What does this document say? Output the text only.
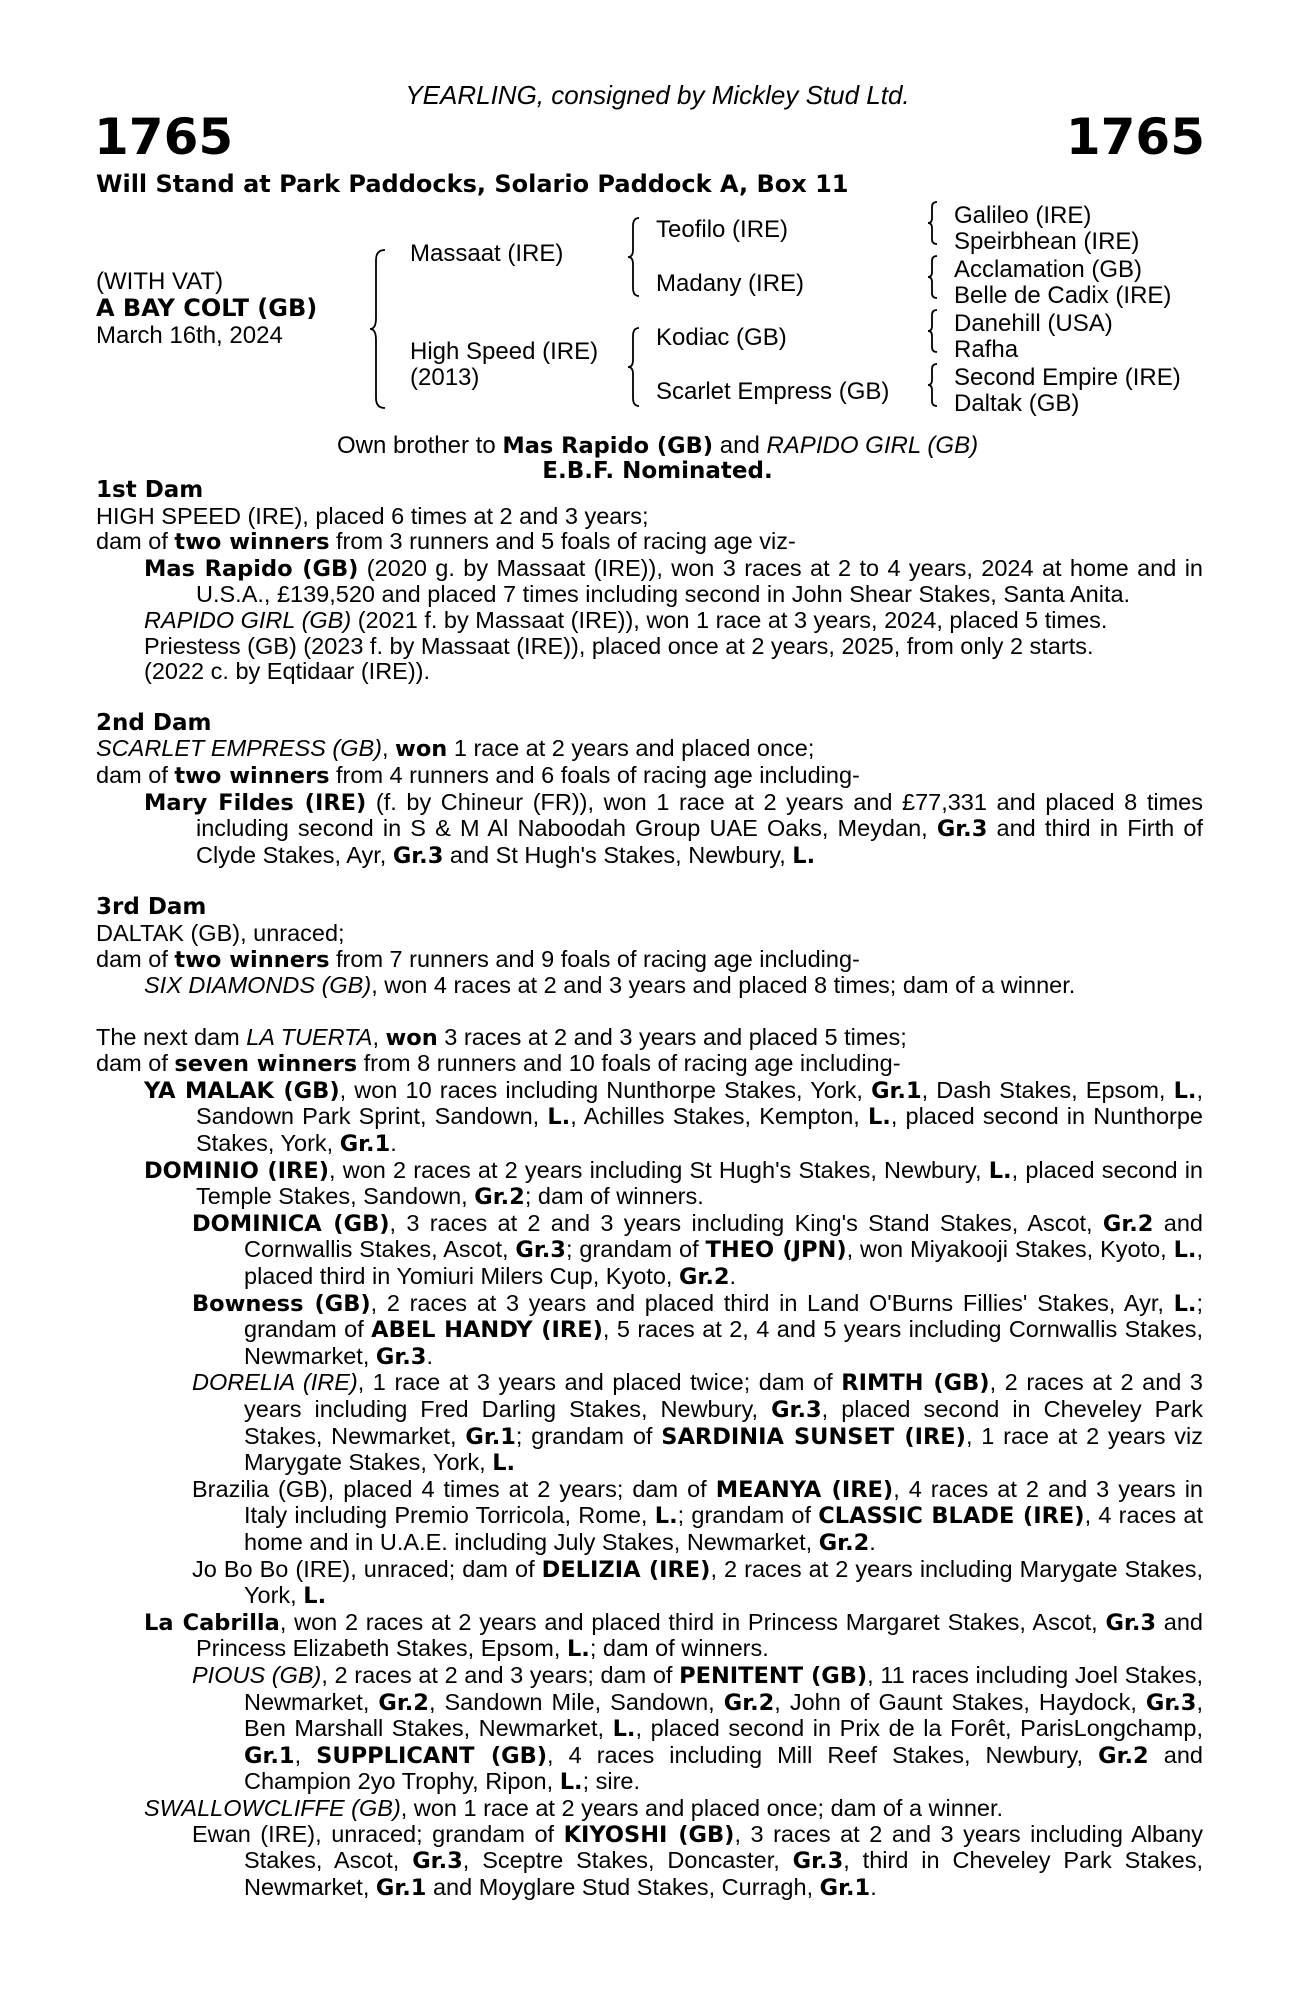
YEARLING, consigned by Mickley Stud Ltd.
1765	1765
Will Stand at Park Paddocks, Solario Paddock A, Box 11
(WITH VAT)
A BAY COLT (GB)
March 16th, 2024
Massaat (IRE)
High Speed (IRE)
(2013)
Teofilo (IRE)
Madany (IRE)
Kodiac (GB)
Scarlet Empress (GB)
Galileo (IRE)
Speirbhean (IRE)
Acclamation (GB)
Belle de Cadix (IRE)
Danehill (USA)
Rafha
Second Empire (IRE)
Daltak (GB)
Own brother to Mas Rapido (GB) and RAPIDO GIRL (GB)
E.B.F. Nominated.

1st Dam

HIGH SPEED (IRE), placed 6 times at 2 and 3 years;

dam of two winners from 3 runners and 5 foals of racing age viz-

Mas Rapido (GB) (2020 g. by Massaat (IRE)), won 3 races at 2 to 4 years, 2024 at home and in U.S.A., £139,520 and placed 7 times including second in John Shear Stakes, Santa Anita.

RAPIDO GIRL (GB) (2021 f. by Massaat (IRE)), won 1 race at 3 years, 2024, placed 5 times.

Priestess (GB) (2023 f. by Massaat (IRE)), placed once at 2 years, 2025, from only 2 starts.

(2022 c. by Eqtidaar (IRE)).

2nd Dam

SCARLET EMPRESS (GB), won 1 race at 2 years and placed once;

dam of two winners from 4 runners and 6 foals of racing age including-

Mary Fildes (IRE) (f. by Chineur (FR)), won 1 race at 2 years and £77,331 and placed 8 times including second in S & M Al Naboodah Group UAE Oaks, Meydan, Gr.3 and third in Firth of Clyde Stakes, Ayr, Gr.3 and St Hugh's Stakes, Newbury, L.

3rd Dam

DALTAK (GB), unraced;

dam of two winners from 7 runners and 9 foals of racing age including-

SIX DIAMONDS (GB), won 4 races at 2 and 3 years and placed 8 times; dam of a winner.

The next dam LA TUERTA, won 3 races at 2 and 3 years and placed 5 times;

dam of seven winners from 8 runners and 10 foals of racing age including-

YA MALAK (GB), won 10 races including Nunthorpe Stakes, York, Gr.1, Dash Stakes, Epsom, L., Sandown Park Sprint, Sandown, L., Achilles Stakes, Kempton, L., placed second in Nunthorpe Stakes, York, Gr.1.

DOMINIO (IRE), won 2 races at 2 years including St Hugh's Stakes, Newbury, L., placed second in Temple Stakes, Sandown, Gr.2; dam of winners.

DOMINICA (GB), 3 races at 2 and 3 years including King's Stand Stakes, Ascot, Gr.2 and Cornwallis Stakes, Ascot, Gr.3; grandam of THEO (JPN), won Miyakooji Stakes, Kyoto, L., placed third in Yomiuri Milers Cup, Kyoto, Gr.2.

Bowness (GB), 2 races at 3 years and placed third in Land O'Burns Fillies' Stakes, Ayr, L.; grandam of ABEL HANDY (IRE), 5 races at 2, 4 and 5 years including Cornwallis Stakes, Newmarket, Gr.3.

DORELIA (IRE), 1 race at 3 years and placed twice; dam of RIMTH (GB), 2 races at 2 and 3 years including Fred Darling Stakes, Newbury, Gr.3, placed second in Cheveley Park Stakes, Newmarket, Gr.1; grandam of SARDINIA SUNSET (IRE), 1 race at 2 years viz Marygate Stakes, York, L.

Brazilia (GB), placed 4 times at 2 years; dam of MEANYA (IRE), 4 races at 2 and 3 years in Italy including Premio Torricola, Rome, L.; grandam of CLASSIC BLADE (IRE), 4 races at home and in U.A.E. including July Stakes, Newmarket, Gr.2.

Jo Bo Bo (IRE), unraced; dam of DELIZIA (IRE), 2 races at 2 years including Marygate Stakes, York, L.

La Cabrilla, won 2 races at 2 years and placed third in Princess Margaret Stakes, Ascot, Gr.3 and Princess Elizabeth Stakes, Epsom, L.; dam of winners.

PIOUS (GB), 2 races at 2 and 3 years; dam of PENITENT (GB), 11 races including Joel Stakes, Newmarket, Gr.2, Sandown Mile, Sandown, Gr.2, John of Gaunt Stakes, Haydock, Gr.3, Ben Marshall Stakes, Newmarket, L., placed second in Prix de la Forêt, ParisLongchamp, Gr.1, SUPPLICANT (GB), 4 races including Mill Reef Stakes, Newbury, Gr.2 and Champion 2yo Trophy, Ripon, L.; sire.

SWALLOWCLIFFE (GB), won 1 race at 2 years and placed once; dam of a winner.

Ewan (IRE), unraced; grandam of KIYOSHI (GB), 3 races at 2 and 3 years including Albany Stakes, Ascot, Gr.3, Sceptre Stakes, Doncaster, Gr.3, third in Cheveley Park Stakes, Newmarket, Gr.1 and Moyglare Stud Stakes, Curragh, Gr.1.
